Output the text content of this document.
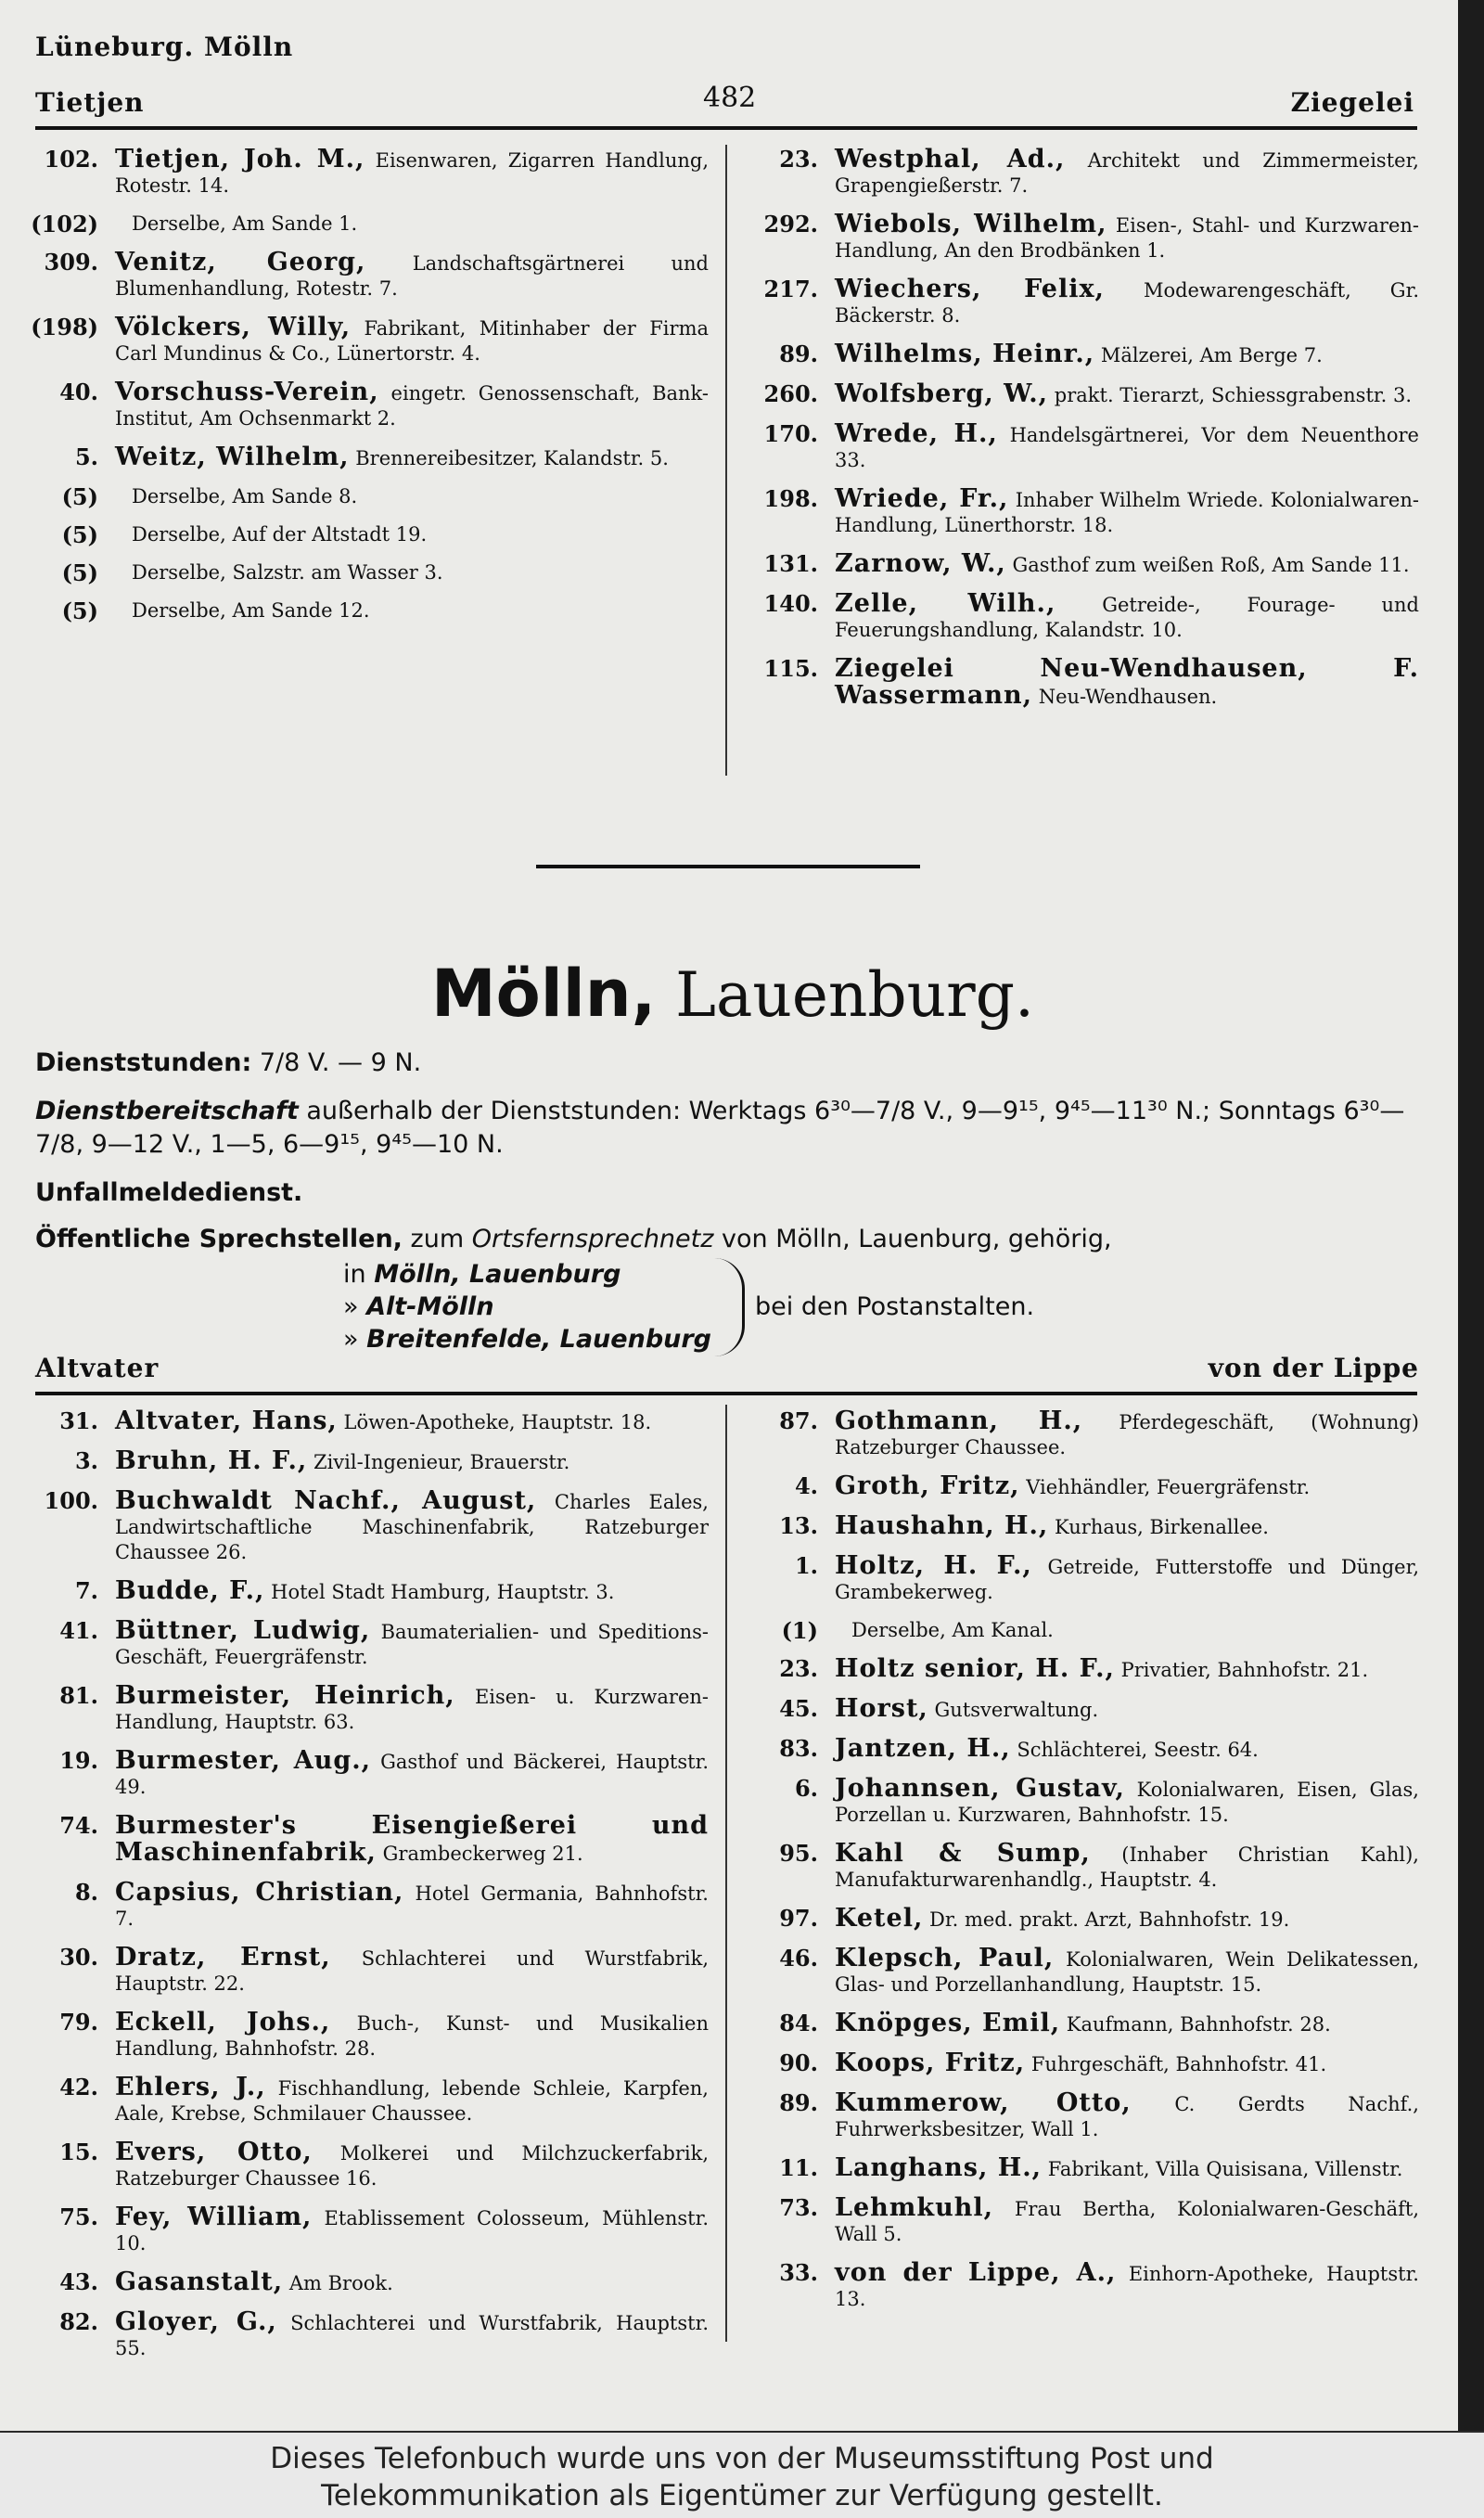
Lüneburg. Mölln
Tietjen	482	Ziegelei
102. Tietjen, Joh. M., Eisenwaren, Zigarren Handlung, Rotestr. 14.
(102) Derselbe, Am Sande 1.
309. Venitz, Georg, Landschaftsgärtnerei und Blumenhandlung, Rotestr. 7.
(198) Völckers, Willy, Fabrikant, Mitinhaber der Firma Carl Mundinus & Co., Lünertorstr. 4.
40. Vorschuss-Verein, eingetr. Genossenschaft, Bank-Institut, Am Ochsenmarkt 2.
5. Weitz, Wilhelm, Brennereibesitzer, Kalandstr. 5.
(5) Derselbe, Am Sande 8.
(5) Derselbe, Auf der Altstadt 19.
(5) Derselbe, Salzstr. am Wasser 3.
(5) Derselbe, Am Sande 12.
23. Westphal, Ad., Architekt und Zimmermeister, Grapengießerstr. 7.
292. Wiebols, Wilhelm, Eisen-, Stahl- und Kurzwaren-Handlung, An den Brodbänken 1.
217. Wiechers, Felix, Modewarengeschäft, Gr. Bäckerstr. 8.
89. Wilhelms, Heinr., Mälzerei, Am Berge 7.
260. Wolfsberg, W., prakt. Tierarzt, Schiessgrabenstr. 3.
170. Wrede, H., Handelsgärtnerei, Vor dem Neuenthore 33.
198. Wriede, Fr., Inhaber Wilhelm Wriede. Kolonialwaren-Handlung, Lünerthorstr. 18.
131. Zarnow, W., Gasthof zum weißen Roß, Am Sande 11.
140. Zelle, Wilh., Getreide-, Fourage- und Feuerungshandlung, Kalandstr. 10.
115. Ziegelei Neu-Wendhausen, F. Wassermann, Neu-Wendhausen.
Mölln, Lauenburg.
Dienststunden: 7/8 V. — 9 N.
Dienstbereitschaft außerhalb der Dienststunden: Werktags 6³⁰—7/8 V., 9—9¹⁵, 9⁴⁵—11³⁰ N.; Sonntags 6³⁰—7/8, 9—12 V., 1—5, 6—9¹⁵, 9⁴⁵—10 N.
Unfallmeldedienst.
Öffentliche Sprechstellen, zum Ortsfernsprechnetz von Mölln, Lauenburg, gehörig,
in Mölln, Lauenburg
» Alt-Mölln
» Breitenfelde, Lauenburg
bei den Postanstalten.
Altvater	von der Lippe
31. Altvater, Hans, Löwen-Apotheke, Hauptstr. 18.
3. Bruhn, H. F., Zivil-Ingenieur, Brauerstr.
100. Buchwaldt Nachf., August, Charles Eales, Landwirtschaftliche Maschinenfabrik, Ratzeburger Chaussee 26.
7. Budde, F., Hotel Stadt Hamburg, Hauptstr. 3.
41. Büttner, Ludwig, Baumaterialien- und Speditions-Geschäft, Feuergräfenstr.
81. Burmeister, Heinrich, Eisen- u. Kurzwaren-Handlung, Hauptstr. 63.
19. Burmester, Aug., Gasthof und Bäckerei, Hauptstr. 49.
74. Burmester's Eisengießerei und Maschinenfabrik, Grambeckerweg 21.
8. Capsius, Christian, Hotel Germania, Bahnhofstr. 7.
30. Dratz, Ernst, Schlachterei und Wurstfabrik, Hauptstr. 22.
79. Eckell, Johs., Buch-, Kunst- und Musikalien Handlung, Bahnhofstr. 28.
42. Ehlers, J., Fischhandlung, lebende Schleie, Karpfen, Aale, Krebse, Schmilauer Chaussee.
15. Evers, Otto, Molkerei und Milchzuckerfabrik, Ratzeburger Chaussee 16.
75. Fey, William, Etablissement Colosseum, Mühlenstr. 10.
43. Gasanstalt, Am Brook.
82. Gloyer, G., Schlachterei und Wurstfabrik, Hauptstr. 55.
87. Gothmann, H., Pferdegeschäft, (Wohnung) Ratzeburger Chaussee.
4. Groth, Fritz, Viehhändler, Feuergräfenstr.
13. Haushahn, H., Kurhaus, Birkenallee.
1. Holtz, H. F., Getreide, Futterstoffe und Dünger, Grambekerweg.
(1) Derselbe, Am Kanal.
23. Holtz senior, H. F., Privatier, Bahnhofstr. 21.
45. Horst, Gutsverwaltung.
83. Jantzen, H., Schlächterei, Seestr. 64.
6. Johannsen, Gustav, Kolonialwaren, Eisen, Glas, Porzellan u. Kurzwaren, Bahnhofstr. 15.
95. Kahl & Sump, (Inhaber Christian Kahl), Manufakturwarenhandlg., Hauptstr. 4.
97. Ketel, Dr. med. prakt. Arzt, Bahnhofstr. 19.
46. Klepsch, Paul, Kolonialwaren, Wein Delikatessen, Glas- und Porzellanhandlung, Hauptstr. 15.
84. Knöpges, Emil, Kaufmann, Bahnhofstr. 28.
90. Koops, Fritz, Fuhrgeschäft, Bahnhofstr. 41.
89. Kummerow, Otto, C. Gerdts Nachf., Fuhrwerksbesitzer, Wall 1.
11. Langhans, H., Fabrikant, Villa Quisisana, Villenstr.
73. Lehmkuhl, Frau Bertha, Kolonialwaren-Geschäft, Wall 5.
33. von der Lippe, A., Einhorn-Apotheke, Hauptstr. 13.
Dieses Telefonbuch wurde uns von der Museumsstiftung Post und
Telekommunikation als Eigentümer zur Verfügung gestellt.
